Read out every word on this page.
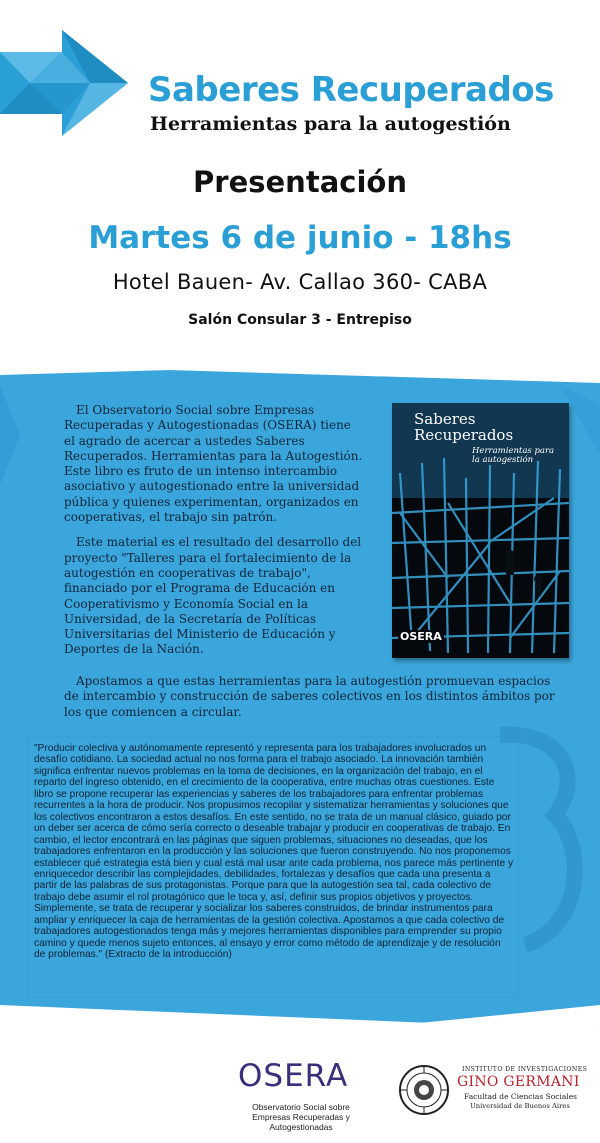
Saberes Recuperados
Herramientas para la autogestión
Presentación
Martes 6 de junio - 18hs
Hotel Bauen- Av. Callao 360- CABA
Salón Consular 3 - Entrepiso

El Observatorio Social sobre Empresas Recuperadas y Autogestionadas (OSERA) tiene el agrado de acercar a ustedes Saberes Recuperados. Herramientas para la Autogestión. Este libro es fruto de un intenso intercambio asociativo y autogestionado entre la universidad pública y quienes experimentan, organizados en cooperativas, el trabajo sin patrón.

Este material es el resultado del desarrollo del proyecto "Talleres para el fortalecimiento de la autogestión en cooperativas de trabajo", financiado por el Programa de Educación en Cooperativismo y Economía Social en la Universidad, de la Secretaría de Políticas Universitarias del Ministerio de Educación y Deportes de la Nación.

Apostamos a que estas herramientas para la autogestión promuevan espacios de intercambio y construcción de saberes colectivos en los distintos ámbitos por los que comiencen a circular.

Saberes
Recuperados
Herramientas para la autogestión
OSERA

"Producir colectiva y autónomamente representó y representa para los trabajadores involucrados un desafío cotidiano. La sociedad actual no nos forma para el trabajo asociado. La innovación también significa enfrentar nuevos problemas en la toma de decisiones, en la organización del trabajo, en el reparto del ingreso obtenido, en el crecimiento de la cooperativa, entre muchas otras cuestiones. Este libro se propone recuperar las experiencias y saberes de los trabajadores para enfrentar problemas recurrentes a la hora de producir. Nos propusimos recopilar y sistematizar herramientas y soluciones que los colectivos encontraron a estos desafíos. En este sentido, no se trata de un manual clásico, guiado por un deber ser acerca de cómo sería correcto o deseable trabajar y producir en cooperativas de trabajo. En cambio, el lector encontrará en las páginas que siguen problemas, situaciones no deseadas, que los trabajadores enfrentaron en la producción y las soluciones que fueron construyendo. No nos proponemos establecer qué estrategia está bien y cual está mal usar ante cada problema, nos parece más pertinente y enriquecedor describir las complejidades, debilidades, fortalezas y desafíos que cada una presenta a partir de las palabras de sus protagonistas. Porque para que la autogestión sea tal, cada colectivo de trabajo debe asumir el rol protagónico que le toca y, así, definir sus propios objetivos y proyectos. Simplemente, se trata de recuperar y socializar los saberes construidos, de brindar instrumentos para ampliar y enriquecer la caja de herramientas de la gestión colectiva. Apostamos a que cada colectivo de trabajadores autogestionados tenga más y mejores herramientas disponibles para emprender su propio camino y quede menos sujeto entonces, al ensayo y error como método de aprendizaje y de resolución de problemas." (Extracto de la introducción)

OSERA
Observatorio Social sobre Empresas Recuperadas y Autogestionadas
INSTITUTO DE INVESTIGACIONES
GINO GERMANI
Facultad de Ciencias Sociales
Universidad de Buenos Aires
